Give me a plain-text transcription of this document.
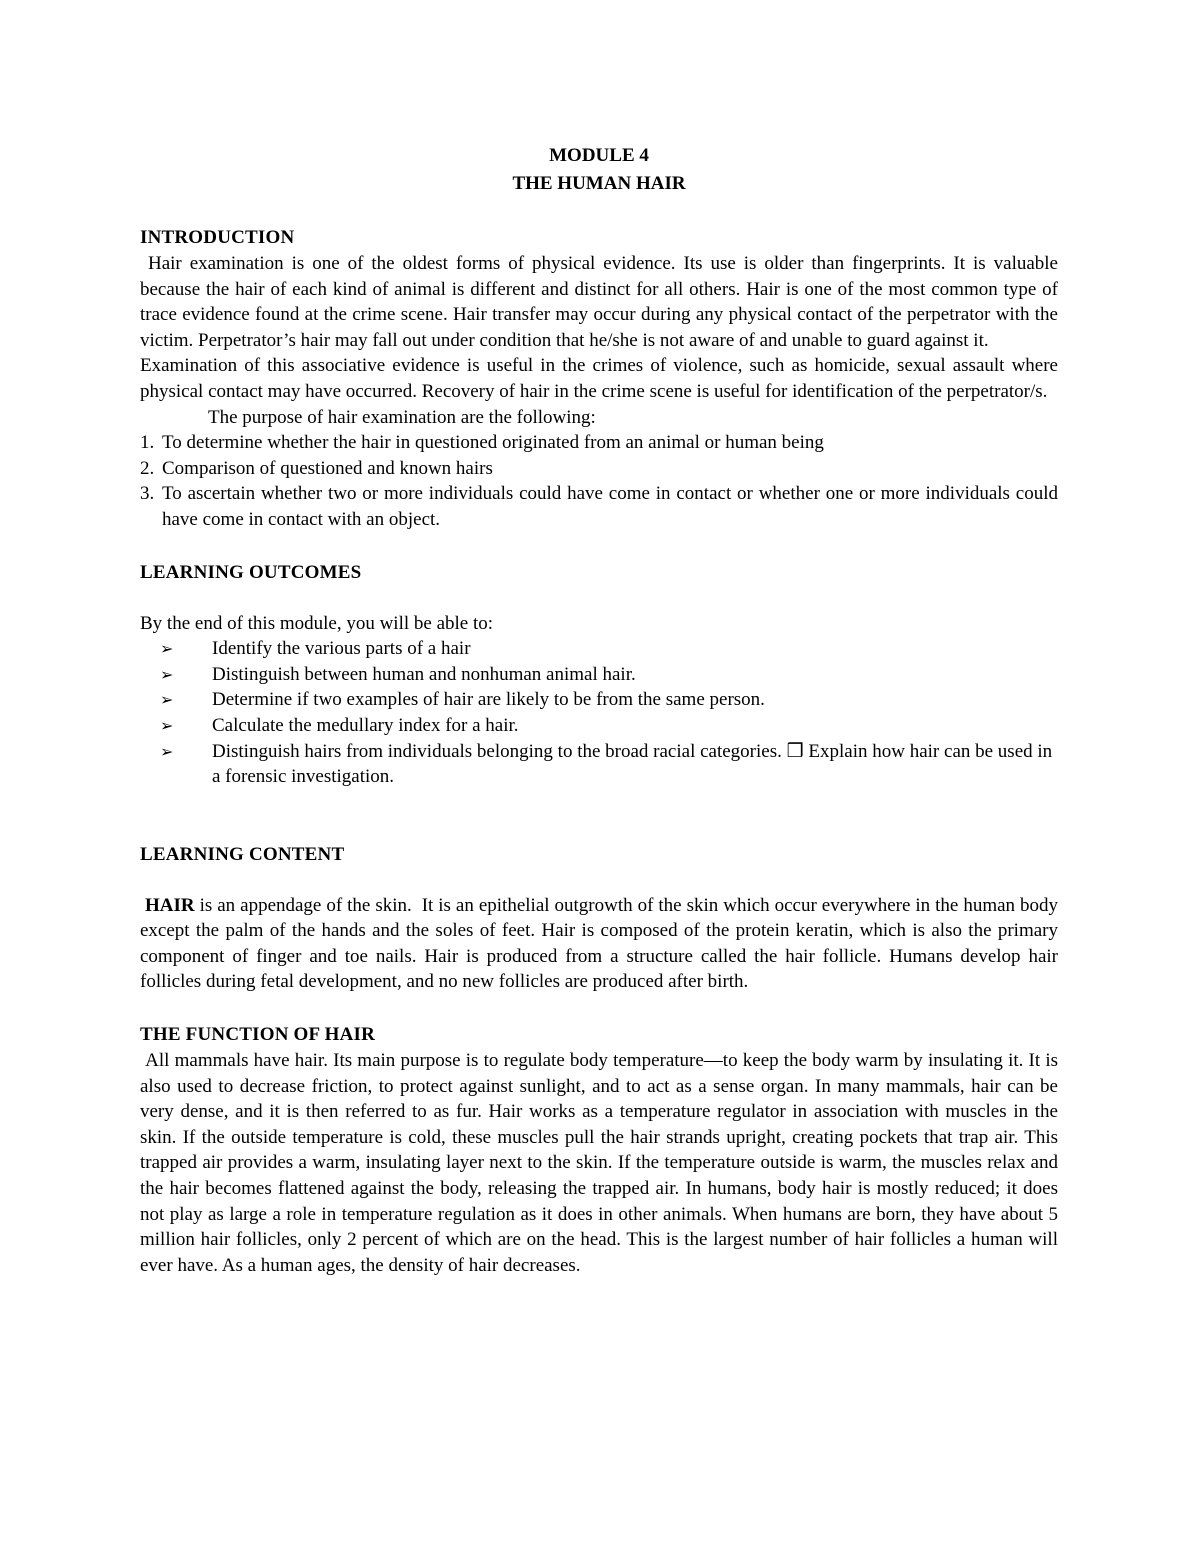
MODULE 4

THE HUMAN HAIR

INTRODUCTION

Hair examination is one of the oldest forms of physical evidence. Its use is older than fingerprints. It is valuable because the hair of each kind of animal is different and distinct for all others. Hair is one of the most common type of trace evidence found at the crime scene. Hair transfer may occur during any physical contact of the perpetrator with the victim. Perpetrator’s hair may fall out under condition that he/she is not aware of and unable to guard against it.

Examination of this associative evidence is useful in the crimes of violence, such as homicide, sexual assault where physical contact may have occurred. Recovery of hair in the crime scene is useful for identification of the perpetrator/s.

The purpose of hair examination are the following:

1. To determine whether the hair in questioned originated from an animal or human being
2. Comparison of questioned and known hairs
3. To ascertain whether two or more individuals could have come in contact or whether one or more individuals could have come in contact with an object.

LEARNING OUTCOMES

By the end of this module, you will be able to:

➢ Identify the various parts of a hair
➢ Distinguish between human and nonhuman animal hair.
➢ Determine if two examples of hair are likely to be from the same person.
➢ Calculate the medullary index for a hair.
➢ Distinguish hairs from individuals belonging to the broad racial categories. ❒ Explain how hair can be used in a forensic investigation.

LEARNING CONTENT

HAIR is an appendage of the skin.  It is an epithelial outgrowth of the skin which occur everywhere in the human body except the palm of the hands and the soles of feet. Hair is composed of the protein keratin, which is also the primary component of finger and toe nails. Hair is produced from a structure called the hair follicle. Humans develop hair follicles during fetal development, and no new follicles are produced after birth.

THE FUNCTION OF HAIR

All mammals have hair. Its main purpose is to regulate body temperature—to keep the body warm by insulating it. It is also used to decrease friction, to protect against sunlight, and to act as a sense organ. In many mammals, hair can be very dense, and it is then referred to as fur. Hair works as a temperature regulator in association with muscles in the skin. If the outside temperature is cold, these muscles pull the hair strands upright, creating pockets that trap air. This trapped air provides a warm, insulating layer next to the skin. If the temperature outside is warm, the muscles relax and the hair becomes flattened against the body, releasing the trapped air. In humans, body hair is mostly reduced; it does not play as large a role in temperature regulation as it does in other animals. When humans are born, they have about 5 million hair follicles, only 2 percent of which are on the head. This is the largest number of hair follicles a human will ever have. As a human ages, the density of hair decreases.
